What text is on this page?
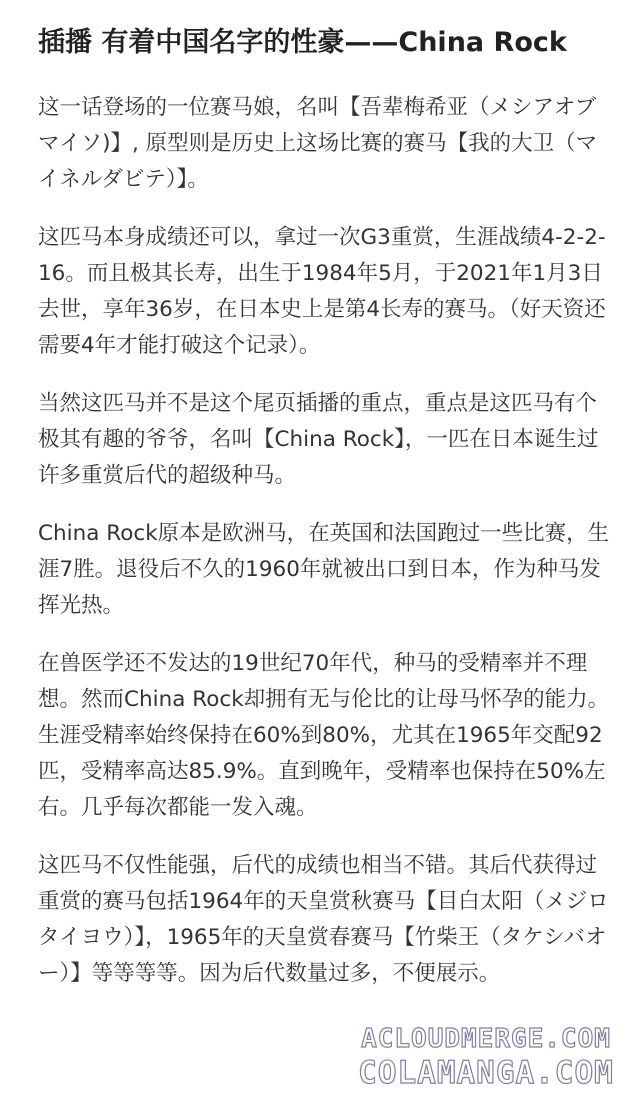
插播 有着中国名字的性豪——China Rock

这一话登场的一位赛马娘，名叫【吾辈梅希亚（メシアオブマイソ)】, 原型则是历史上这场比赛的赛马【我的大卫（マイネルダビテ）】。

这匹马本身成绩还可以，拿过一次G3重赏，生涯战绩4-2-2-16。而且极其长寿，出生于1984年5月，于2021年1月3日去世，享年36岁，在日本史上是第4长寿的赛马。（好天资还需要4年才能打破这个记录）。

当然这匹马并不是这个尾页插播的重点，重点是这匹马有个极其有趣的爷爷，名叫【China Rock】，一匹在日本诞生过许多重赏后代的超级种马。

China Rock原本是欧洲马，在英国和法国跑过一些比赛，生涯7胜。退役后不久的1960年就被出口到日本，作为种马发挥光热。

在兽医学还不发达的19世纪70年代，种马的受精率并不理想。然而China Rock却拥有无与伦比的让母马怀孕的能力。生涯受精率始终保持在60%到80%，尤其在1965年交配92匹，受精率高达85.9%。直到晚年，受精率也保持在50%左右。几乎每次都能一发入魂。

这匹马不仅性能强，后代的成绩也相当不错。其后代获得过重赏的赛马包括1964年的天皇赏秋赛马【目白太阳（メジロタイヨウ）】，1965年的天皇赏春赛马【竹柴王（タケシバオー）】等等等等。因为后代数量过多，不便展示。

ACLOUDMERGE.COM
COLAMANGA.COM
